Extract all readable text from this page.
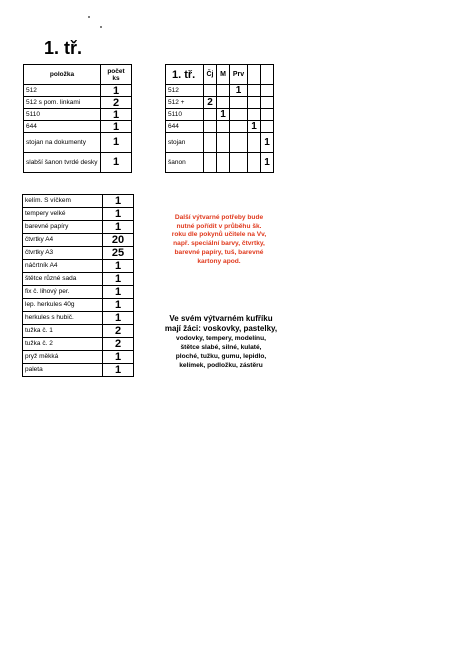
1. tř.
položka	počet ks
512	1
512 s pom. linkami	2
5110	1
644	1
stojan na dokumenty	1
slabší šanon tvrdé desky	1
1. tř.	Čj	M	Prv		
512			1		
512 +	2				
5110		1			
644				1	
stojan					1
šanon					1
kelím. S víčkem	1
tempery velké	1
barevné papíry	1
čtvrtky A4	20
čtvrtky A3	25
náčrtník A4	1
štětce různé sada	1
fix č. lihový per.	1
lep. herkules 40g	1
herkules s hubič.	1
tužka č. 1	2
tužka č. 2	2
pryž měkká	1
paleta	1
Další výtvarné potřeby bude
nutné pořídit v průběhu šk.
roku dle pokynů učitele na Vv,
např. speciální barvy, čtvrtky,
barevné papíry, tuš, barevné
kartony apod.
Ve svém výtvarném kufříku
mají žáci: voskovky, pastelky,
vodovky, tempery, modelínu,
štětce slabé, silné, kulaté,
ploché, tužku, gumu, lepidlo,
kelímek, podložku, zástěru
